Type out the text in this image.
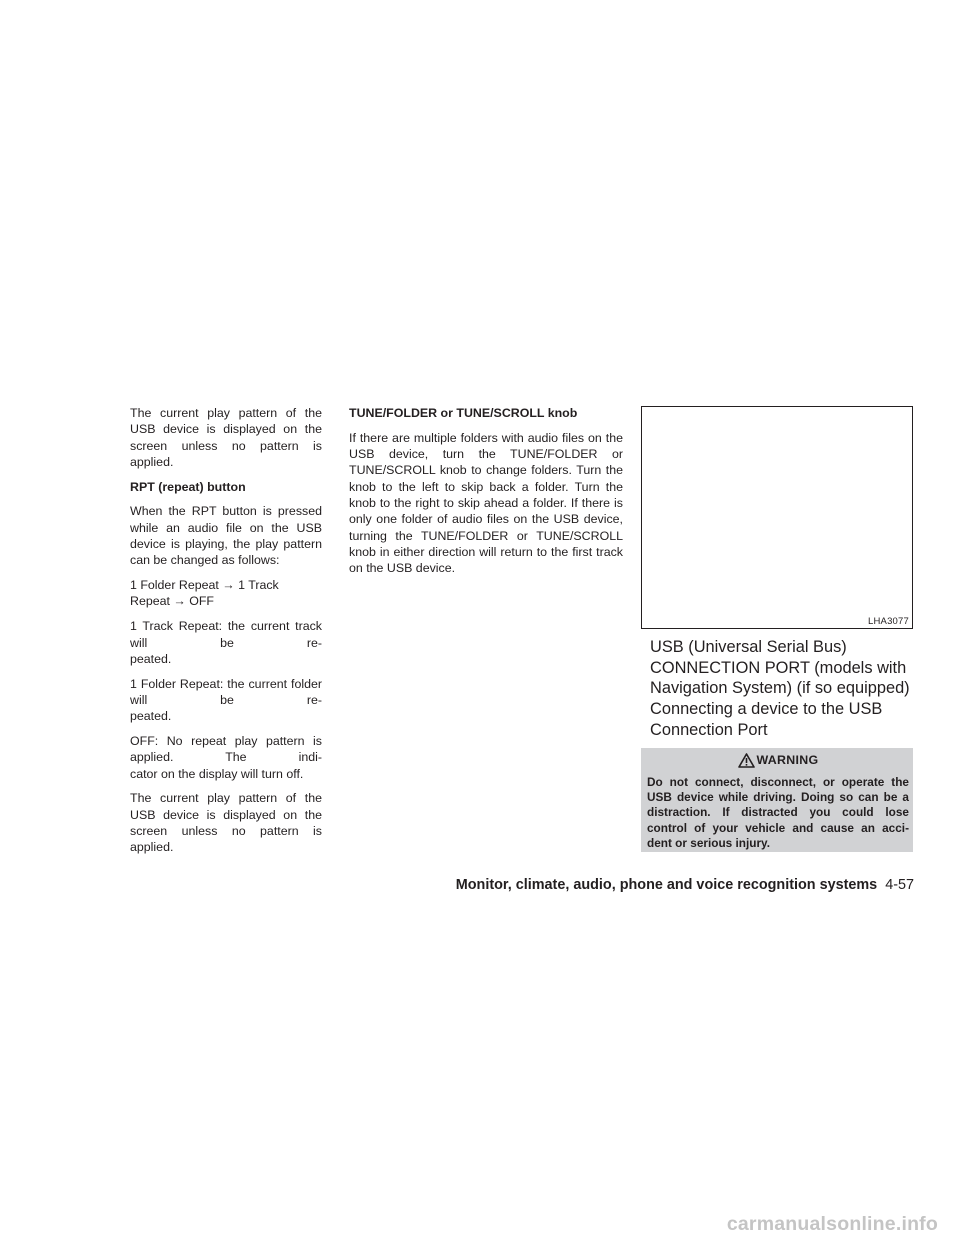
The current play pattern of the USB device is displayed on the screen unless no pattern is applied.

RPT (repeat) button

When the RPT button is pressed while an audio file on the USB device is playing, the play pattern can be changed as follows:

1 Folder Repeat → 1 Track Repeat → OFF

1 Track Repeat: the current track will be re-
peated.

1 Folder Repeat: the current folder will be re-
peated.

OFF: No repeat play pattern is applied. The indi-
cator on the display will turn off.

The current play pattern of the USB device is displayed on the screen unless no pattern is applied.

TUNE/FOLDER or TUNE/SCROLL knob

If there are multiple folders with audio files on the USB device, turn the TUNE/FOLDER or TUNE/SCROLL knob to change folders. Turn the knob to the left to skip back a folder. Turn the knob to the right to skip ahead a folder. If there is only one folder of audio files on the USB device, turning the TUNE/FOLDER or TUNE/SCROLL knob in either direction will return to the first track on the USB device.

LHA3077
USB (Universal Serial Bus)
CONNECTION PORT (models with
Navigation System) (if so equipped)
Connecting a device to the USB
Connection Port
WARNING
Do not connect, disconnect, or operate the USB device while driving. Doing so can be a distraction. If distracted you could lose control of your vehicle and cause an acci-
dent or serious injury.
Monitor, climate, audio, phone and voice recognition systems 4-57
carmanualsonline.info
